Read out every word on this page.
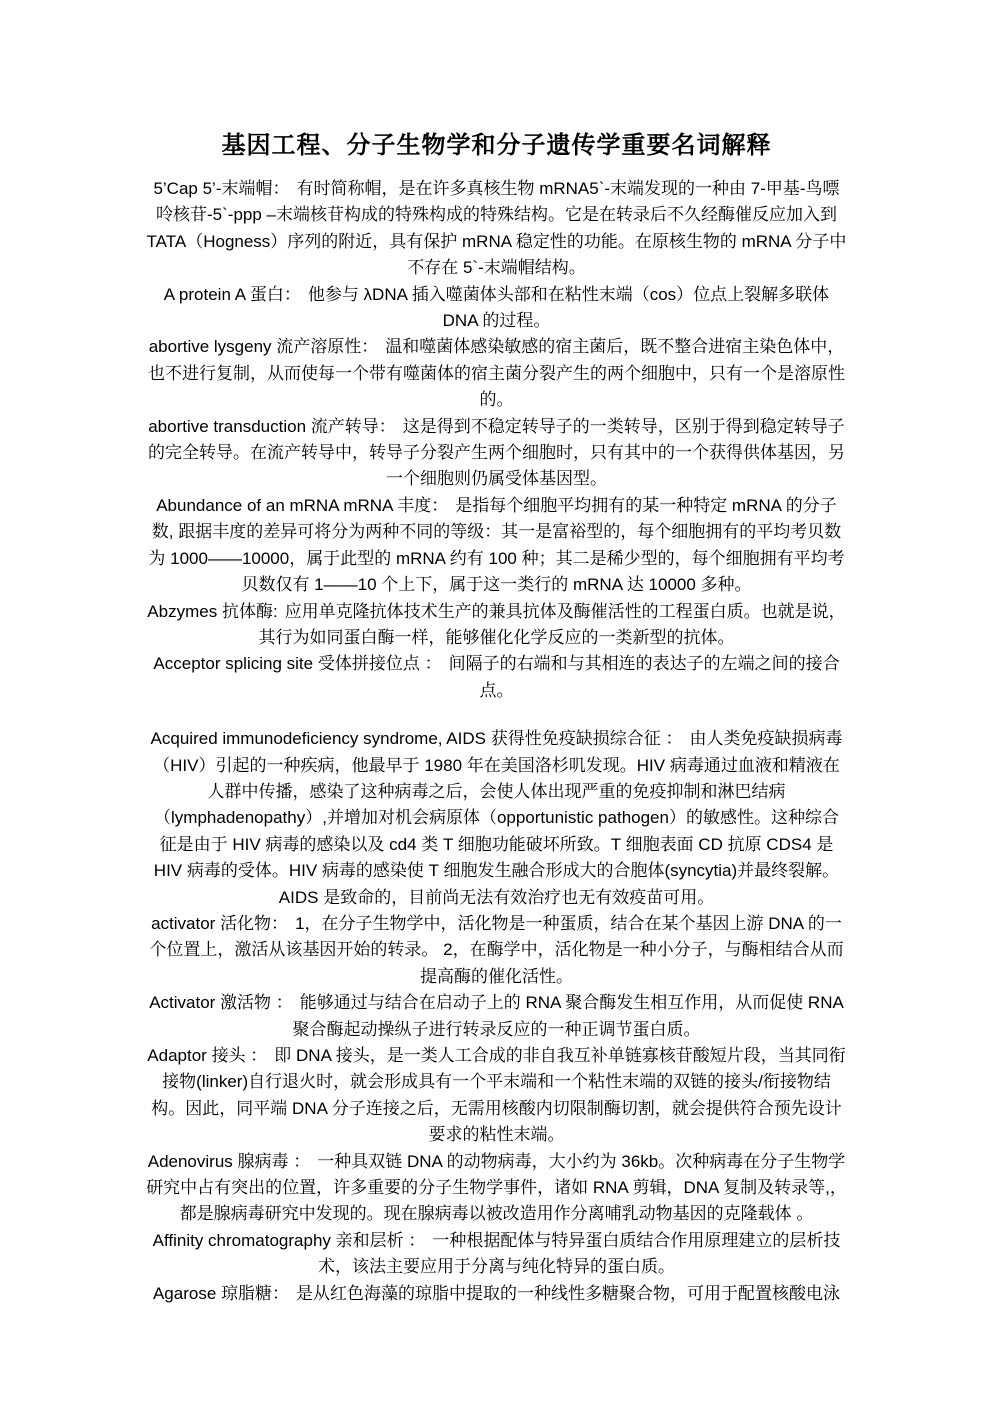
基因工程、分子生物学和分子遗传学重要名词解释

5’Cap 5’-末端帽： 有时简称帽，是在许多真核生物 mRNA5`-末端发现的一种由 7-甲基-鸟嘌呤核苷-5`-ppp –末端核苷构成的特殊构成的特殊结构。它是在转录后不久经酶催反应加入到 TATA（Hogness）序列的附近，具有保护 mRNA 稳定性的功能。在原核生物的 mRNA 分子中不存在 5`-末端帽结构。

A protein A 蛋白： 他参与 λDNA 插入噬菌体头部和在粘性末端（cos）位点上裂解多联体 DNA 的过程。

abortive lysgeny 流产溶原性： 温和噬菌体感染敏感的宿主菌后，既不整合进宿主染色体中，也不进行复制，从而使每一个带有噬菌体的宿主菌分裂产生的两个细胞中，只有一个是溶原性的。

abortive transduction 流产转导： 这是得到不稳定转导子的一类转导，区别于得到稳定转导子的完全转导。在流产转导中，转导子分裂产生两个细胞时，只有其中的一个获得供体基因，另一个细胞则仍属受体基因型。

Abundance of an mRNA mRNA 丰度： 是指每个细胞平均拥有的某一种特定 mRNA 的分子数, 跟据丰度的差异可将分为两种不同的等级：其一是富裕型的，每个细胞拥有的平均考贝数为 1000——10000，属于此型的 mRNA 约有 100 种；其二是稀少型的，每个细胞拥有平均考贝数仅有 1——10 个上下，属于这一类行的 mRNA 达 10000 多种。

Abzymes 抗体酶: 应用单克隆抗体技术生产的兼具抗体及酶催活性的工程蛋白质。也就是说，其行为如同蛋白酶一样，能够催化化学反应的一类新型的抗体。

Acceptor splicing site 受体拼接位点 ： 间隔子的右端和与其相连的表达子的左端之间的接合点。

Acquired immunodeficiency syndrome, AIDS 获得性免疫缺损综合征 ： 由人类免疫缺损病毒（HIV）引起的一种疾病，他最早于 1980 年在美国洛杉叽发现。HIV 病毒通过血液和精液在人群中传播，感染了这种病毒之后，会使人体出现严重的免疫抑制和淋巴结病（lymphadenopathy）,并增加对机会病原体（opportunistic pathogen）的敏感性。这种综合征是由于 HIV 病毒的感染以及 cd4 类 T 细胞功能破坏所致。T 细胞表面 CD 抗原 CDS4 是 HIV 病毒的受体。HIV 病毒的感染使 T 细胞发生融合形成大的合胞体(syncytia)并最终裂解。AIDS 是致命的，目前尚无法有效治疗也无有效疫苗可用。

activator 活化物： 1，在分子生物学中，活化物是一种蛋质，结合在某个基因上游 DNA 的一个位置上，激活从该基因开始的转录。 2，在酶学中，活化物是一种小分子，与酶相结合从而提高酶的催化活性。

Activator 激活物 ： 能够通过与结合在启动子上的 RNA 聚合酶发生相互作用，从而促使 RNA 聚合酶起动操纵子进行转录反应的一种正调节蛋白质。

Adaptor 接头 ： 即 DNA 接头，是一类人工合成的非自我互补单链寡核苷酸短片段，当其同衔接物(linker)自行退火时，就会形成具有一个平末端和一个粘性末端的双链的接头/衔接物结构。因此，同平端 DNA 分子连接之后，无需用核酸内切限制酶切割，就会提供符合预先设计要求的粘性末端。

Adenovirus 腺病毒 ： 一种具双链 DNA 的动物病毒，大小约为 36kb。次种病毒在分子生物学研究中占有突出的位置，许多重要的分子生物学事件，诸如 RNA 剪辑，DNA 复制及转录等,，都是腺病毒研究中发现的。现在腺病毒以被改造用作分离哺乳动物基因的克隆载体 。

Affinity chromatography 亲和层析 ： 一种根据配体与特异蛋白质结合作用原理建立的层析技术，该法主要应用于分离与纯化特异的蛋白质。

Agarose 琼脂糖： 是从红色海藻的琼脂中提取的一种线性多糖聚合物，可用于配置核酸电泳
